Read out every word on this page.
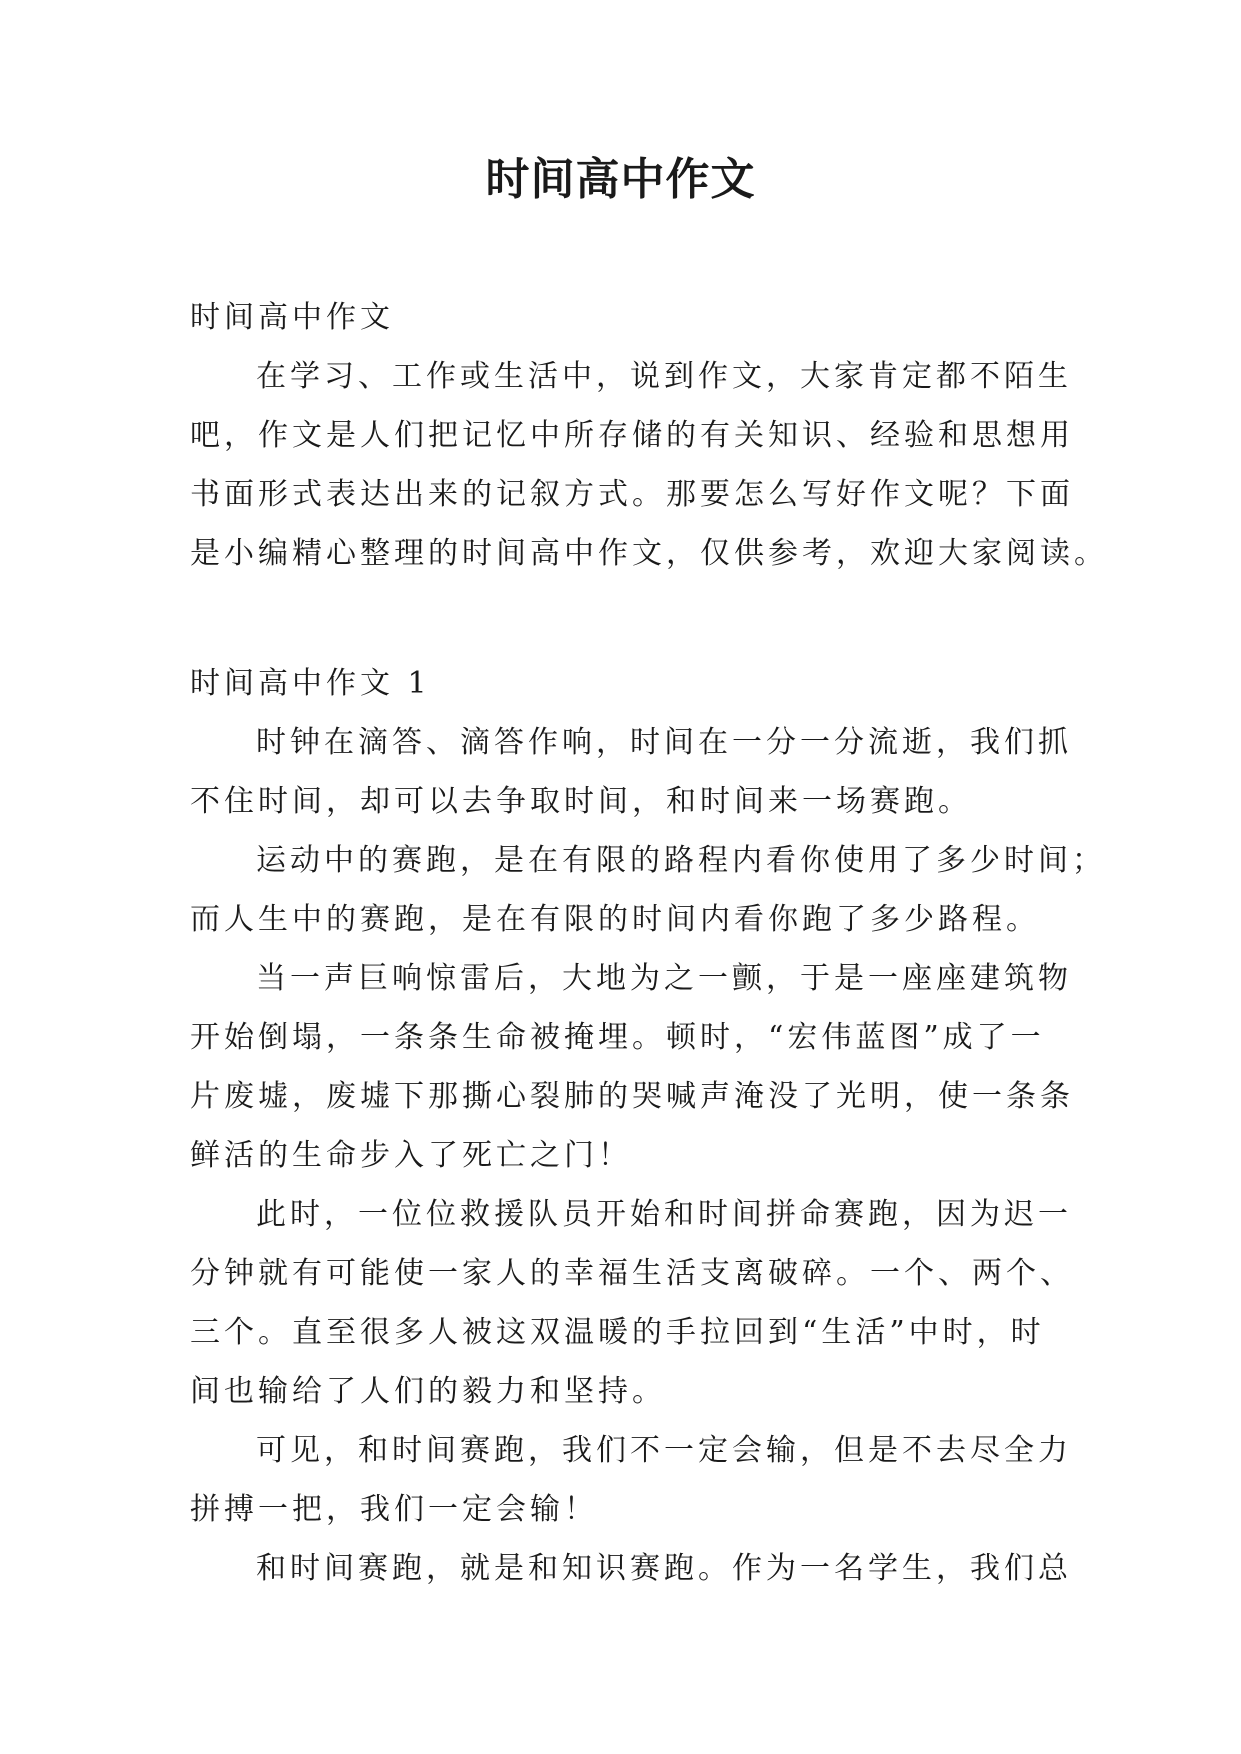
时间高中作文
时间高中作文
在学习、工作或生活中，说到作文，大家肯定都不陌生
吧，作文是人们把记忆中所存储的有关知识、经验和思想用
书面形式表达出来的记叙方式。那要怎么写好作文呢？下面
是小编精心整理的时间高中作文，仅供参考，欢迎大家阅读。
时间高中作文 1
时钟在滴答、滴答作响，时间在一分一分流逝，我们抓
不住时间，却可以去争取时间，和时间来一场赛跑。
运动中的赛跑，是在有限的路程内看你使用了多少时间；
而人生中的赛跑，是在有限的时间内看你跑了多少路程。
当一声巨响惊雷后，大地为之一颤，于是一座座建筑物
开始倒塌，一条条生命被掩埋。顿时，“宏伟蓝图”成了一
片废墟，废墟下那撕心裂肺的哭喊声淹没了光明，使一条条
鲜活的生命步入了死亡之门！
此时，一位位救援队员开始和时间拼命赛跑，因为迟一
分钟就有可能使一家人的幸福生活支离破碎。一个、两个、
三个。直至很多人被这双温暖的手拉回到“生活”中时，时
间也输给了人们的毅力和坚持。
可见，和时间赛跑，我们不一定会输，但是不去尽全力
拼搏一把，我们一定会输！
和时间赛跑，就是和知识赛跑。作为一名学生，我们总
